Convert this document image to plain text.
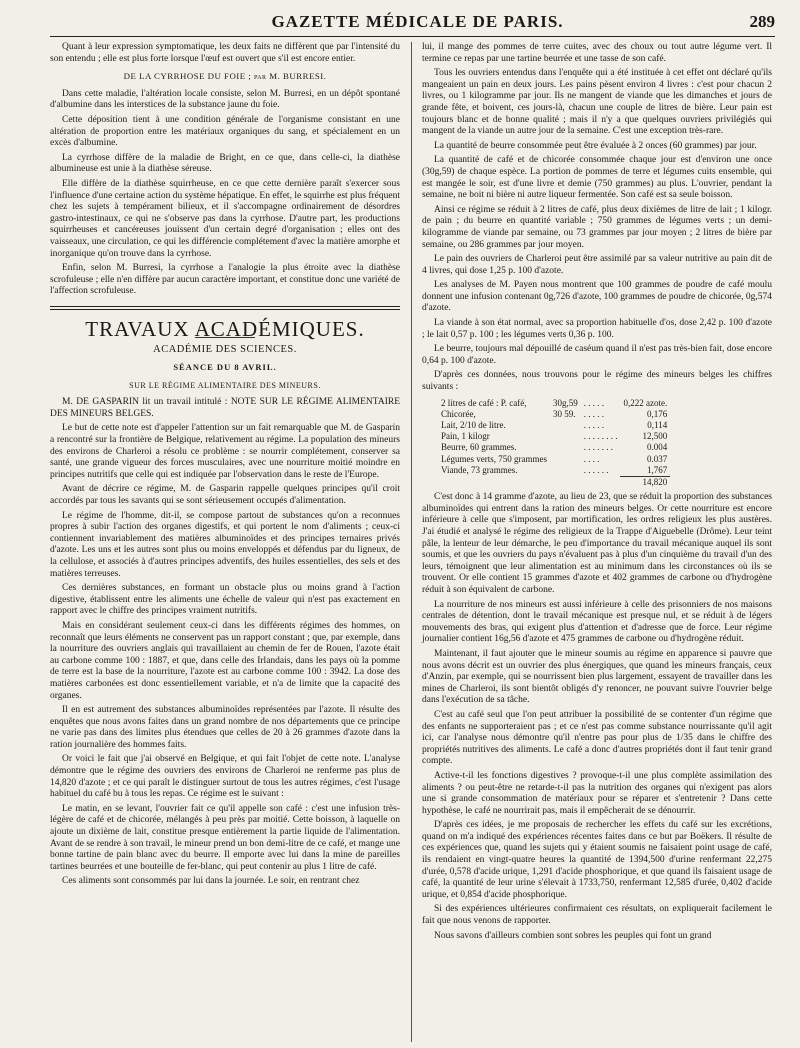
GAZETTE MÉDICALE DE PARIS.	289

Quant à leur expression symptomatique, les deux faits ne diffèrent que par l'intensité du son entendu ; elle est plus forte lorsque l'œuf est ouvert que s'il est encore entier.

DE LA CYRRHOSE DU FOIE ; par M. BURRESI.

Dans cette maladie, l'altération locale consiste, selon M. Burresi, en un dépôt spontané d'albumine dans les interstices de la substance jaune du foie.

Cette déposition tient à une condition générale de l'organisme consistant en une altération de proportion entre les matériaux organiques du sang, et spécialement en un excès d'albumine.

La cyrrhose diffère de la maladie de Bright, en ce que, dans celle-ci, la diathèse albumineuse est unie à la diathèse séreuse.

Elle diffère de la diathèse squirrheuse, en ce que cette dernière paraît s'exercer sous l'influence d'une certaine action du système hépatique. En effet, le squirrhe est plus fréquent chez les sujets à tempérament bilieux, et il s'accompagne ordinairement de désordres gastro-intestinaux, ce qui ne s'observe pas dans la cyrrhose. D'autre part, les productions squirrheuses et cancéreuses jouissent d'un certain degré d'organisation ; elles ont des vaisseaux, une circulation, ce qui les différencie complétement d'avec la matière amorphe et inorganique qu'on trouve dans la cyrrhose.

Enfin, selon M. Burresi, la cyrrhose a l'analogie la plus étroite avec la diathèse scrofuleuse ; elle n'en diffère par aucun caractère important, et constitue donc une variété de l'affection scrofuleuse.

TRAVAUX ACADÉMIQUES.
ACADÉMIE DES SCIENCES.
SÉANCE DU 8 AVRIL.
SUR LE RÉGIME ALIMENTAIRE DES MINEURS.

M. DE GASPARIN lit un travail intitulé : NOTE SUR LE RÉGIME ALIMENTAIRE DES MINEURS BELGES.

Le but de cette note est d'appeler l'attention sur un fait remarquable que M. de Gasparin a rencontré sur la frontière de Belgique, relativement au régime. La population des mineurs des environs de Charleroi a résolu ce problème : se nourrir complétement, conserver sa santé, une grande vigueur des forces musculaires, avec une nourriture moitié moindre en principes nutritifs que celle qui est indiquée par l'observation dans le reste de l'Europe.

Avant de décrire ce régime, M. de Gasparin rappelle quelques principes qu'il croit accordés par tous les savants qui se sont sérieusement occupés d'alimentation.

Le régime de l'homme, dit-il, se compose partout de substances qu'on a reconnues propres à subir l'action des organes digestifs, et qui portent le nom d'aliments ; ceux-ci contiennent invariablement des matières albuminoïdes et des principes ternaires privés d'azote. Les uns et les autres sont plus ou moins enveloppés et défendus par du ligneux, de la cellulose, et associés à d'autres principes adventifs, des huiles essentielles, des sels et des matières terreuses.

Ces dernières substances, en formant un obstacle plus ou moins grand à l'action digestive, établissent entre les aliments une échelle de valeur qui n'est pas exactement en rapport avec le chiffre des principes vraiment nutritifs.

Mais en considérant seulement ceux-ci dans les différents régimes des hommes, on reconnaît que leurs éléments ne conservent pas un rapport constant ; que, par exemple, dans la nourriture des ouvriers anglais qui travaillaient au chemin de fer de Rouen, l'azote était au carbone comme 100 : 1887, et que, dans celle des Irlandais, dans les pays où la pomme de terre est la base de la nourriture, l'azote est au carbone comme 100 : 3942. La dose des matières carbonées est donc essentiellement variable, et n'a de limite que la capacité des organes.

Il en est autrement des substances albuminoïdes représentées par l'azote. Il résulte des enquêtes que nous avons faites dans un grand nombre de nos départements que ce principe ne varie pas dans des limites plus étendues que celles de 20 à 26 grammes d'azote dans la ration journalière des hommes faits.

Or voici le fait que j'ai observé en Belgique, et qui fait l'objet de cette note. L'analyse démontre que le régime des ouvriers des environs de Charleroi ne renferme pas plus de 14,820 d'azote ; et ce qui paraît le distinguer surtout de tous les autres régimes, c'est l'usage habituel du café bu à tous les repas. Ce régime est le suivant :

Le matin, en se levant, l'ouvrier fait ce qu'il appelle son café : c'est une infusion très-légère de café et de chicorée, mélangés à peu près par moitié. Cette boisson, à laquelle on ajoute un dixième de lait, constitue presque entièrement la partie liquide de l'alimentation. Avant de se rendre à son travail, le mineur prend un bon demi-litre de ce café, et mange une bonne tartine de pain blanc avec du beurre. Il emporte avec lui dans la mine de pareilles tartines beurrées et une bouteille de fer-blanc, qui peut contenir au plus 1 litre de café.

Ces aliments sont consommés par lui dans la journée. Le soir, en rentrant chez

lui, il mange des pommes de terre cuites, avec des choux ou tout autre légume vert. Il termine ce repas par une tartine beurrée et une tasse de son café.

Tous les ouvriers entendus dans l'enquête qui a été instituée à cet effet ont déclaré qu'ils mangeaient un pain en deux jours. Les pains pèsent environ 4 livres : c'est pour chacun 2 livres, ou 1 kilogramme par jour. Ils ne mangent de viande que les dimanches et jours de grande fête, et boivent, ces jours-là, chacun une couple de litres de bière. Leur pain est toujours blanc et de bonne qualité ; mais il n'y a que quelques ouvriers privilégiés qui mangent de la viande un autre jour de la semaine. C'est une exception très-rare.

La quantité de beurre consommée peut être évaluée à 2 onces (60 grammes) par jour.

La quantité de café et de chicorée consommée chaque jour est d'environ une once (30g,59) de chaque espèce. La portion de pommes de terre et légumes cuits ensemble, qui est mangée le soir, est d'une livre et demie (750 grammes) au plus. L'ouvrier, pendant la semaine, ne boit ni bière ni autre liqueur fermentée. Son café est sa seule boisson.

Ainsi ce régime se réduit à 2 litres de café, plus deux dixièmes de litre de lait ; 1 kilogr. de pain ; du beurre en quantité variable ; 750 grammes de légumes verts ; un demi-kilogramme de viande par semaine, ou 73 grammes par jour moyen ; 2 litres de bière par semaine, ou 286 grammes par jour moyen.

Le pain des ouvriers de Charleroi peut être assimilé par sa valeur nutritive au pain dit de 4 livres, qui dose 1,25 p. 100 d'azote.

Les analyses de M. Payen nous montrent que 100 grammes de poudre de café moulu donnent une infusion contenant 0g,726 d'azote, 100 grammes de poudre de chicorée, 0g,574 d'azote.

La viande à son état normal, avec sa proportion habituelle d'os, dose 2,42 p. 100 d'azote ; le lait 0,57 p. 100 ; les légumes verts 0,36 p. 100.

Le beurre, toujours mal dépouillé de caséum quand il n'est pas très-bien fait, dose encore 0,64 p. 100 d'azote.

D'après ces données, nous trouvons pour le régime des mineurs belges les chiffres suivants :

2 litres de café : P. café,	30g,59	. . . . .	0,222 azote.
Chicorée,	30 59.	. . . . .	0,176
Lait, 2/10 de litre.		. . . . .	0,114
Pain, 1 kilogr		. . . . . . . .	12,500
Beurre, 60 grammes.		. . . . . . .	0.004
Légumes verts, 750 grammes		. . . .	0.037
Viande, 73 grammes.		. . . . . .	1,767
			14,820

C'est donc à 14 gramme d'azote, au lieu de 23, que se réduit la proportion des substances albuminoïdes qui entrent dans la ration des mineurs belges. Or cette nourriture est encore inférieure à celle que s'imposent, par mortification, les ordres religieux les plus austères. J'ai étudié et analysé le régime des religieux de la Trappe d'Aiguebelle (Drôme). Leur teint pâle, la lenteur de leur démarche, le peu d'importance du travail mécanique auquel ils sont soumis, et que les ouvriers du pays n'évaluent pas à plus d'un cinquième du travail d'un des leurs, témoignent que leur alimentation est au minimum dans les circonstances où ils se trouvent. Or elle contient 15 grammes d'azote et 402 grammes de carbone ou d'hydrogène réduit à son équivalent de carbone.

La nourriture de nos mineurs est aussi inférieure à celle des prisonniers de nos maisons centrales de détention, dont le travail mécanique est presque nul, et se réduit à de légers mouvements des bras, qui exigent plus d'attention et d'adresse que de force. Leur régime journalier contient 16g,56 d'azote et 475 grammes de carbone ou d'hydrogène réduit.

Maintenant, il faut ajouter que le mineur soumis au régime en apparence si pauvre que nous avons décrit est un ouvrier des plus énergiques, que quand les mineurs français, ceux d'Anzin, par exemple, qui se nourrissent bien plus largement, essayent de travailler dans les mines de Charleroi, ils sont bientôt obligés d'y renoncer, ne pouvant suivre l'ouvrier belge dans l'exécution de sa tâche.

C'est au café seul que l'on peut attribuer la possibilité de se contenter d'un régime que des enfants ne supporteraient pas ; et ce n'est pas comme substance nourrissante qu'il agit ici, car l'analyse nous démontre qu'il n'entre pas pour plus de 1/35 dans le chiffre des propriétés nutritives des aliments. Le café a donc d'autres propriétés dont il faut tenir grand compte.

Active-t-il les fonctions digestives ? provoque-t-il une plus complète assimilation des aliments ? ou peut-être ne retarde-t-il pas la nutrition des organes qui n'exigent pas alors une si grande consommation de matériaux pour se réparer et s'entretenir ? Dans cette hypothèse, le café ne nourrirait pas, mais il empêcherait de se dénourrir.

D'après ces idées, je me proposais de rechercher les effets du café sur les excrétions, quand on m'a indiqué des expériences récentes faites dans ce but par Boëkers. Il résulte de ces expériences que, quand les sujets qui y étaient soumis ne faisaient point usage de café, ils rendaient en vingt-quatre heures la quantité de 1394,500 d'urine renfermant 22,275 d'urée, 0,578 d'acide urique, 1,291 d'acide phosphorique, et que quand ils faisaient usage de café, la quantité de leur urine s'élevait à 1733,750, renfermant 12,585 d'urée, 0,402 d'acide urique, et 0,854 d'acide phosphorique.

Si des expériences ultérieures confirmaient ces résultats, on expliquerait facilement le fait que nous venons de rapporter.

Nous savons d'ailleurs combien sont sobres les peuples qui font un grand
